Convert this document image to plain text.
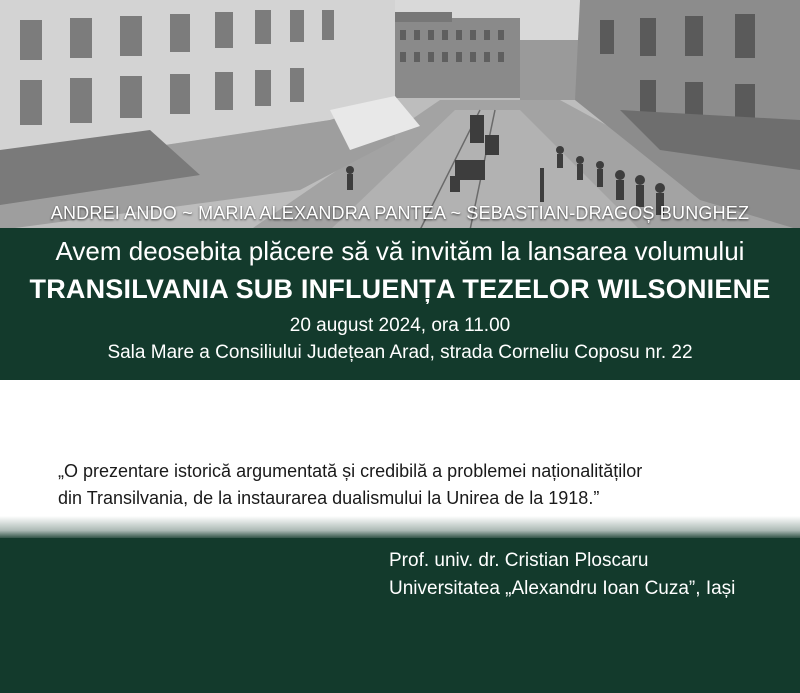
ANDREI ANDO ~ MARIA ALEXANDRA PANTEA ~ SEBASTIAN-DRAGOȘ BUNGHEZ
Avem deosebita plăcere să vă invităm la lansarea volumului
TRANSILVANIA SUB INFLUENȚA TEZELOR WILSONIENE
20 august 2024, ora 11.00
Sala Mare a Consiliului Județean Arad, strada Corneliu Coposu nr. 22
„O prezentare istorică argumentată și credibilă a problemei naționalităților
din Transilvania, de la instaurarea dualismului la Unirea de la 1918.”
Prof. univ. dr. Cristian Ploscaru
Universitatea „Alexandru Ioan Cuza”, Iași
